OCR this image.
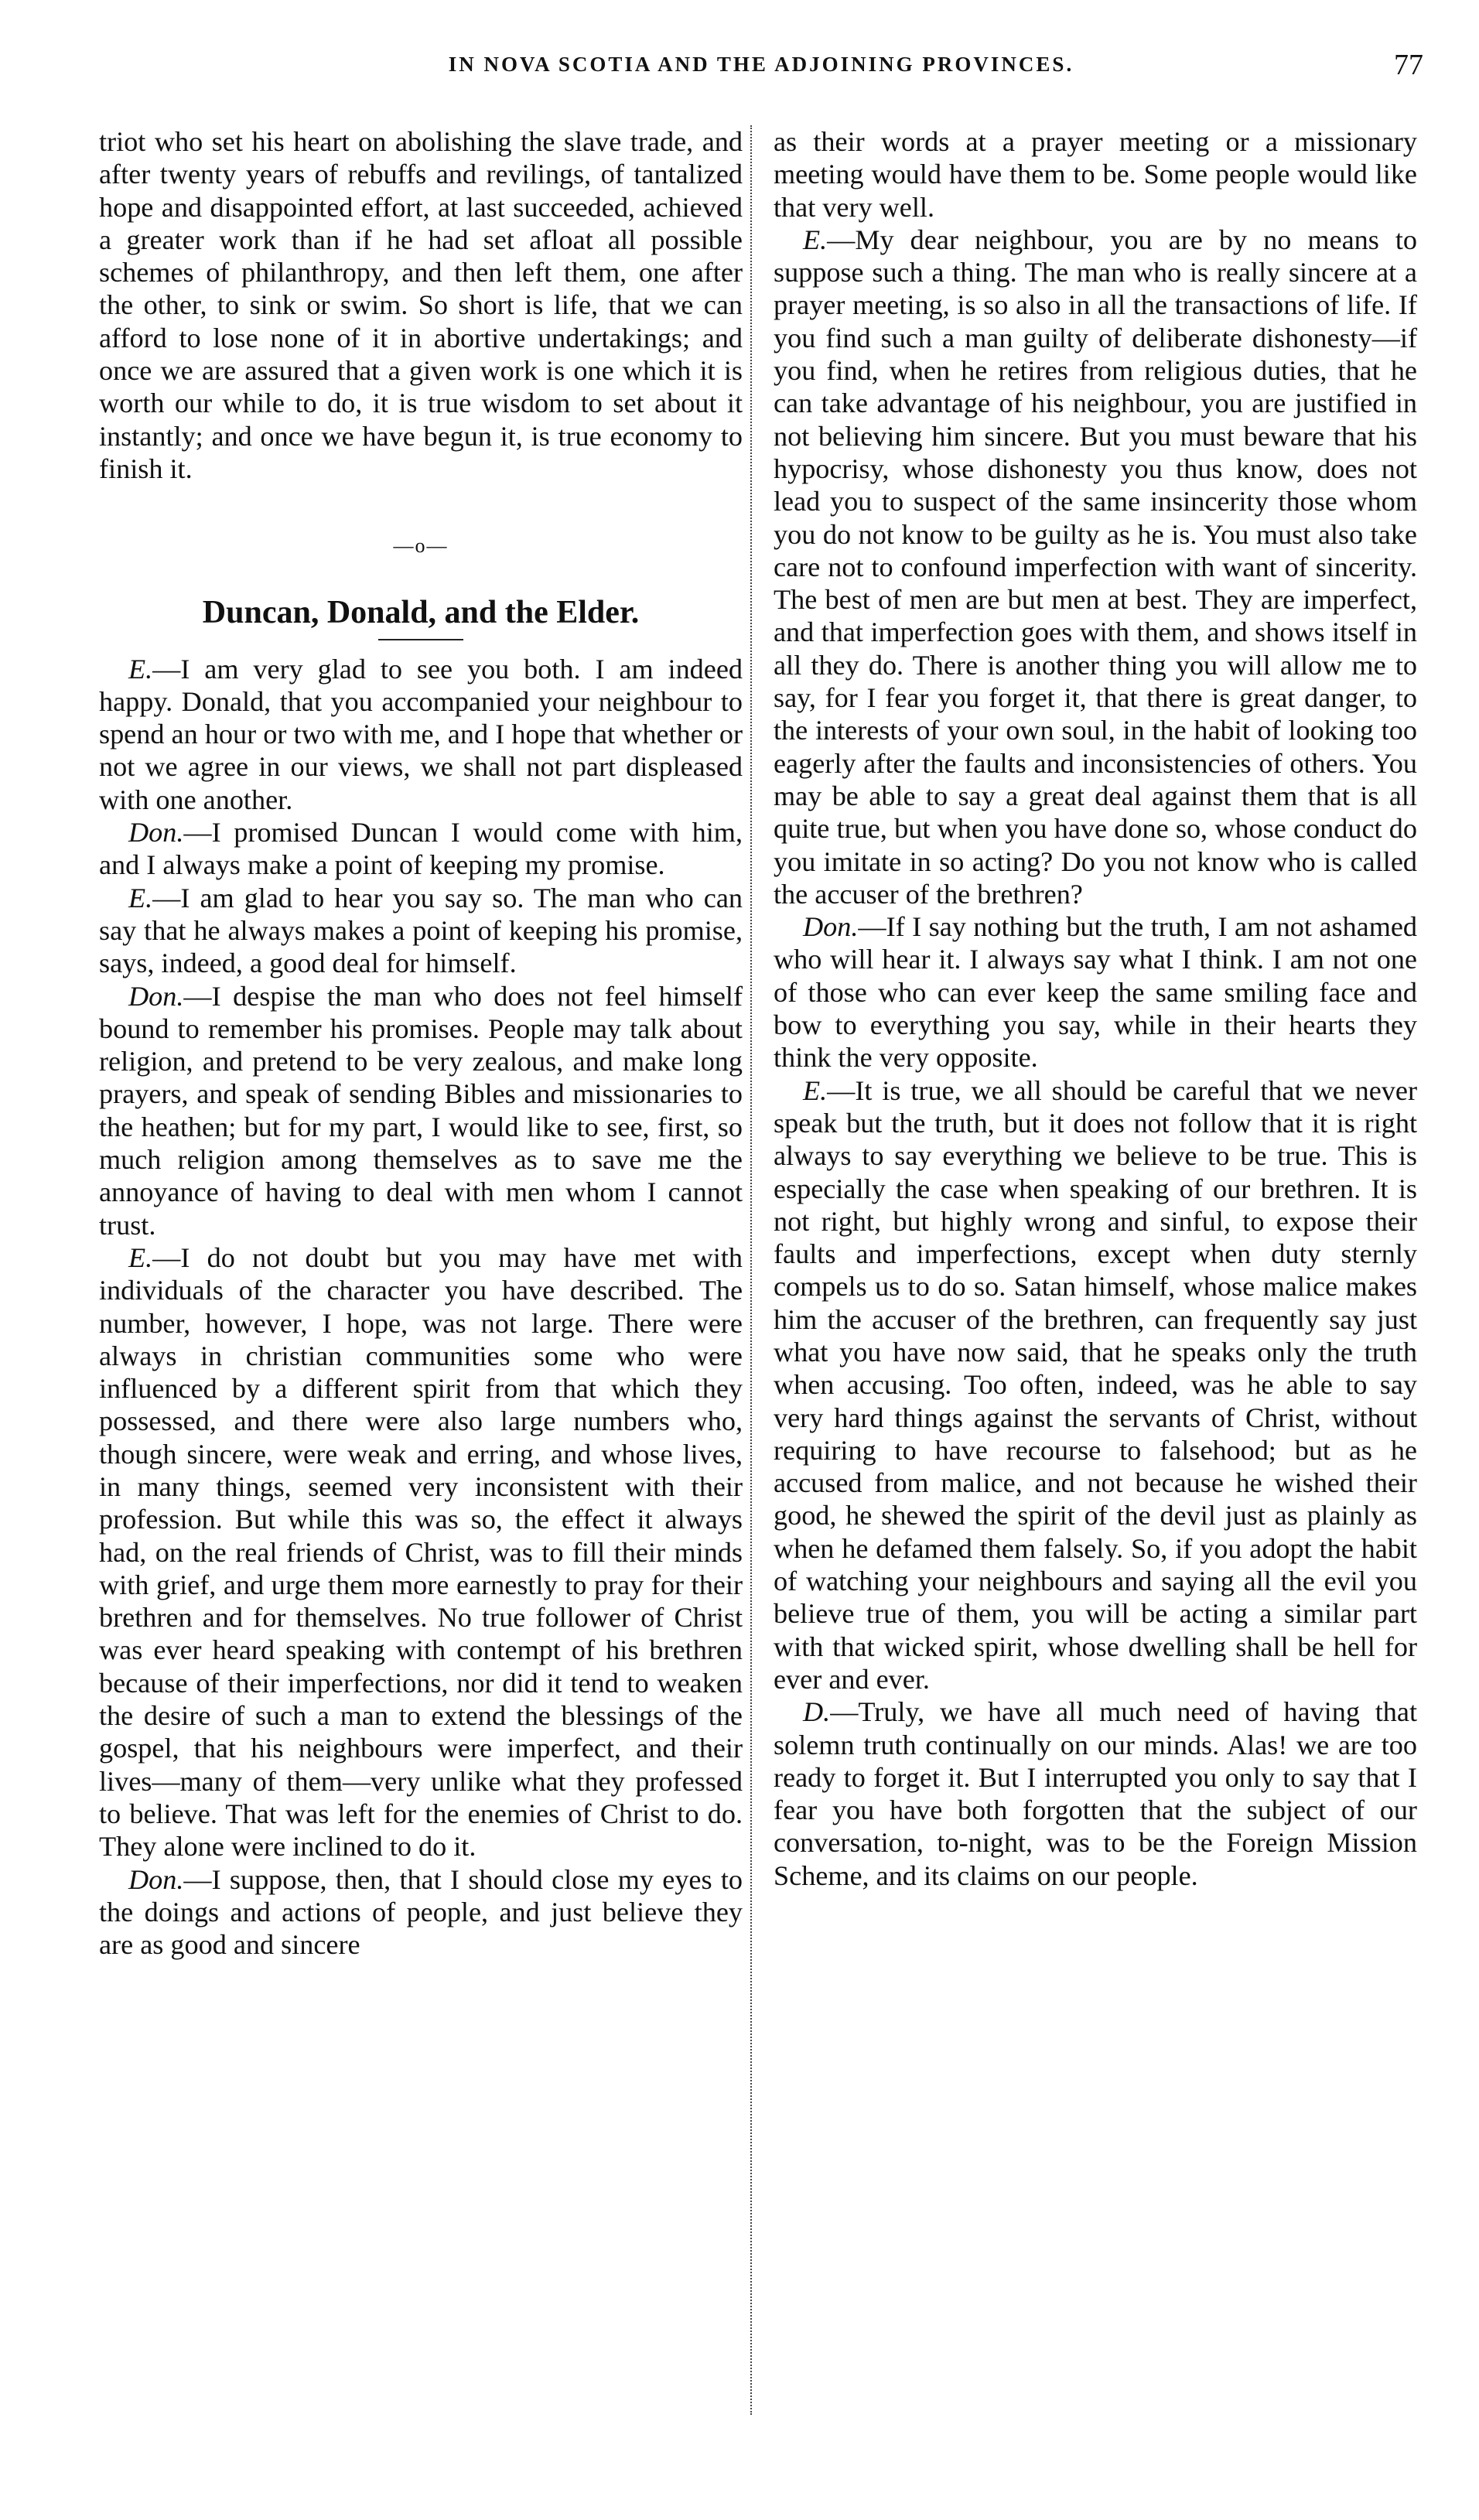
IN NOVA SCOTIA AND THE ADJOINING PROVINCES.	77

triot who set his heart on abolishing the slave trade, and after twenty years of rebuffs and revilings, of tantalized hope and disappointed effort, at last succeeded, achieved a greater work than if he had set afloat all possible schemes of philanthropy, and then left them, one after the other, to sink or swim. So short is life, that we can afford to lose none of it in abortive undertakings; and once we are assured that a given work is one which it is worth our while to do, it is true wisdom to set about it instantly; and once we have begun it, is true economy to finish it.

—o—
Duncan, Donald, and the Elder.

E.—I am very glad to see you both. I am indeed happy. Donald, that you accompanied your neighbour to spend an hour or two with me, and I hope that whether or not we agree in our views, we shall not part displeased with one another.

Don.—I promised Duncan I would come with him, and I always make a point of keeping my promise.

E.—I am glad to hear you say so. The man who can say that he always makes a point of keeping his promise, says, indeed, a good deal for himself.

Don.—I despise the man who does not feel himself bound to remember his promises. People may talk about religion, and pretend to be very zealous, and make long prayers, and speak of sending Bibles and missionaries to the heathen; but for my part, I would like to see, first, so much religion among themselves as to save me the annoyance of having to deal with men whom I cannot trust.

E.—I do not doubt but you may have met with individuals of the character you have described. The number, however, I hope, was not large. There were always in christian communities some who were influenced by a different spirit from that which they possessed, and there were also large numbers who, though sincere, were weak and erring, and whose lives, in many things, seemed very inconsistent with their profession. But while this was so, the effect it always had, on the real friends of Christ, was to fill their minds with grief, and urge them more earnestly to pray for their brethren and for themselves. No true follower of Christ was ever heard speaking with contempt of his brethren because of their imperfections, nor did it tend to weaken the desire of such a man to extend the blessings of the gospel, that his neighbours were imperfect, and their lives—many of them—very unlike what they professed to believe. That was left for the enemies of Christ to do. They alone were inclined to do it.

Don.—I suppose, then, that I should close my eyes to the doings and actions of people, and just believe they are as good and sincere

as their words at a prayer meeting or a missionary meeting would have them to be. Some people would like that very well.

E.—My dear neighbour, you are by no means to suppose such a thing. The man who is really sincere at a prayer meeting, is so also in all the transactions of life. If you find such a man guilty of deliberate dishonesty—if you find, when he retires from religious duties, that he can take advantage of his neighbour, you are justified in not believing him sincere. But you must beware that his hypocrisy, whose dishonesty you thus know, does not lead you to suspect of the same insincerity those whom you do not know to be guilty as he is. You must also take care not to confound imperfection with want of sincerity. The best of men are but men at best. They are imperfect, and that imperfection goes with them, and shows itself in all they do. There is another thing you will allow me to say, for I fear you forget it, that there is great danger, to the interests of your own soul, in the habit of looking too eagerly after the faults and inconsistencies of others. You may be able to say a great deal against them that is all quite true, but when you have done so, whose conduct do you imitate in so acting? Do you not know who is called the accuser of the brethren?

Don.—If I say nothing but the truth, I am not ashamed who will hear it. I always say what I think. I am not one of those who can ever keep the same smiling face and bow to everything you say, while in their hearts they think the very opposite.

E.—It is true, we all should be careful that we never speak but the truth, but it does not follow that it is right always to say everything we believe to be true. This is especially the case when speaking of our brethren. It is not right, but highly wrong and sinful, to expose their faults and imperfections, except when duty sternly compels us to do so. Satan himself, whose malice makes him the accuser of the brethren, can frequently say just what you have now said, that he speaks only the truth when accusing. Too often, indeed, was he able to say very hard things against the servants of Christ, without requiring to have recourse to falsehood; but as he accused from malice, and not because he wished their good, he shewed the spirit of the devil just as plainly as when he defamed them falsely. So, if you adopt the habit of watching your neighbours and saying all the evil you believe true of them, you will be acting a similar part with that wicked spirit, whose dwelling shall be hell for ever and ever.

D.—Truly, we have all much need of having that solemn truth continually on our minds. Alas! we are too ready to forget it. But I interrupted you only to say that I fear you have both forgotten that the subject of our conversation, to-night, was to be the Foreign Mission Scheme, and its claims on our people.
